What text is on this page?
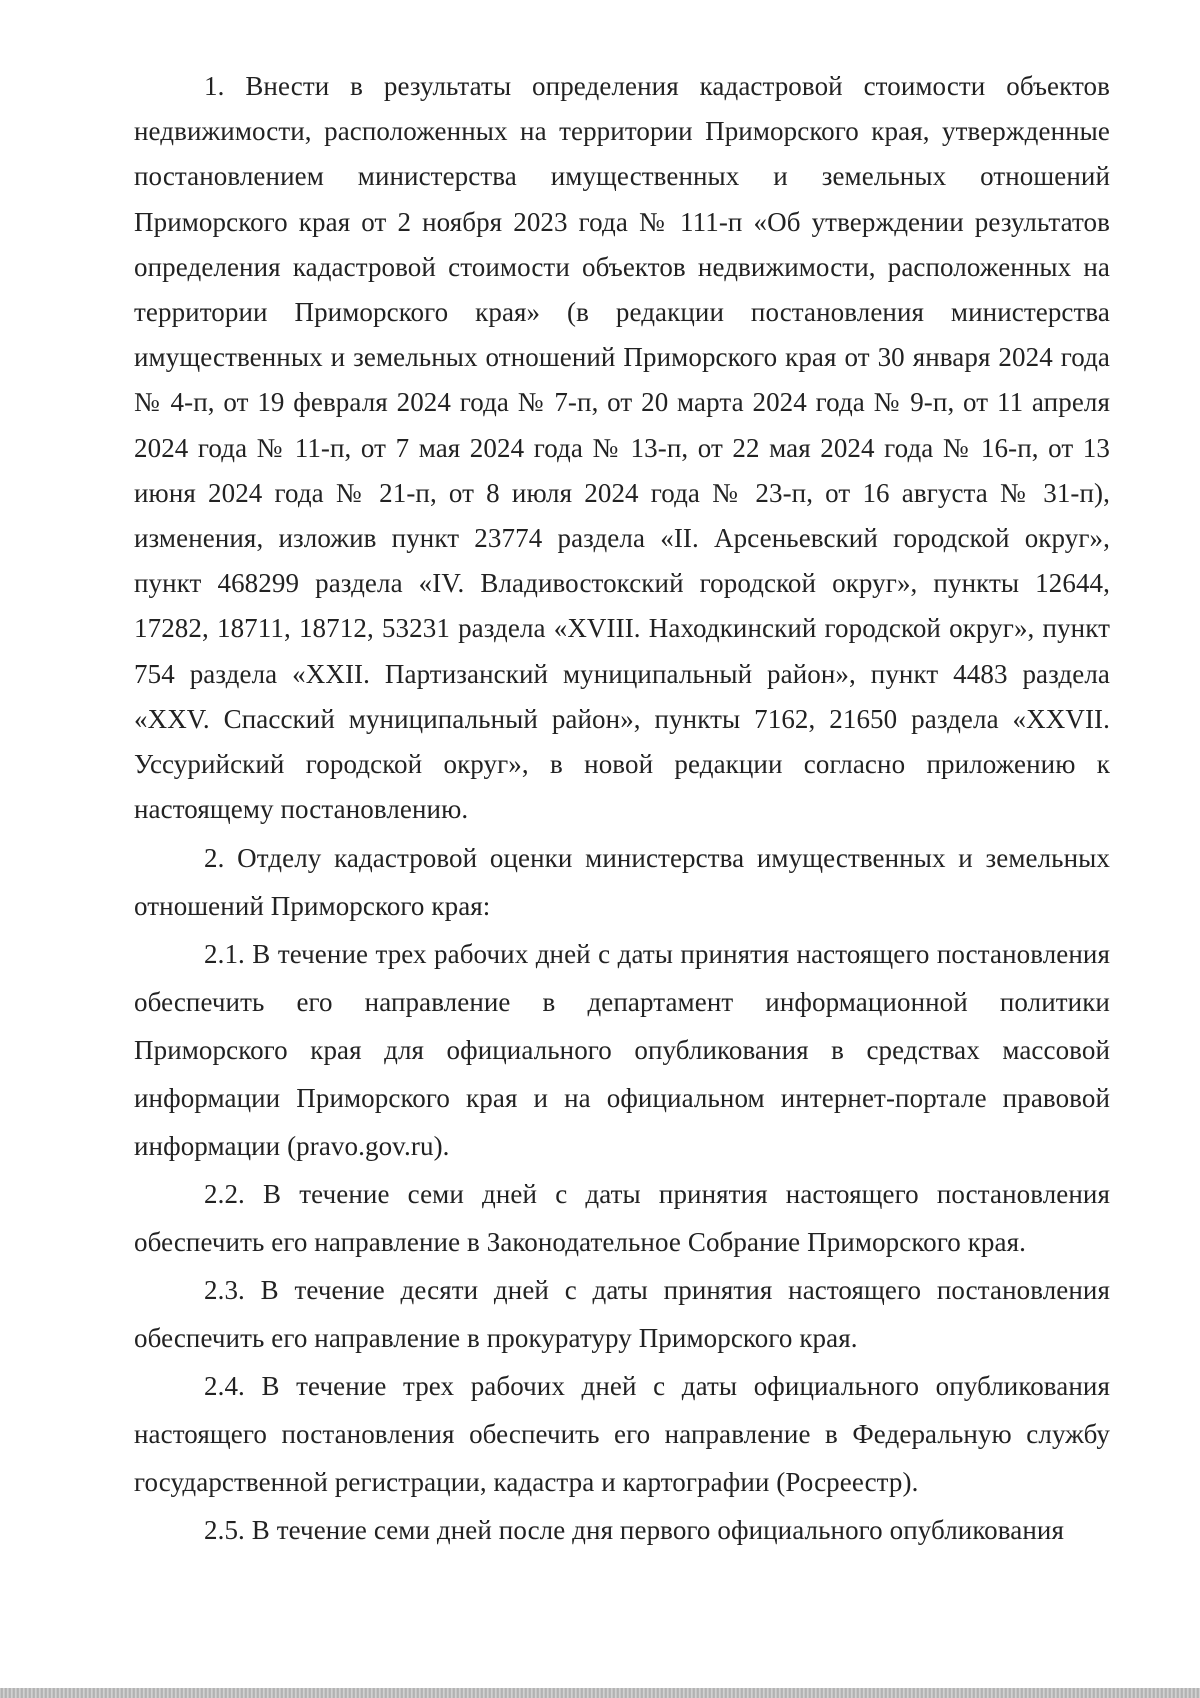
1. Внести в результаты определения кадастровой стоимости объектов недвижимости, расположенных на территории Приморского края, утвержденные постановлением министерства имущественных и земельных отношений Приморского края от 2 ноября 2023 года № 111-п «Об утверждении результатов определения кадастровой стоимости объектов недвижимости, расположенных на территории Приморского края» (в редакции постановления министерства имущественных и земельных отношений Приморского края от 30 января 2024 года № 4-п, от 19 февраля 2024 года № 7-п, от 20 марта 2024 года № 9-п, от 11 апреля 2024 года № 11-п, от 7 мая 2024 года № 13-п, от 22 мая 2024 года № 16-п, от 13 июня 2024 года № 21-п, от 8 июля 2024 года № 23-п, от 16 августа № 31-п), изменения, изложив пункт 23774 раздела «II. Арсеньевский городской округ», пункт 468299 раздела «IV. Владивостокский городской округ», пункты 12644, 17282, 18711, 18712, 53231 раздела «XVIII. Находкинский городской округ», пункт 754 раздела «XXII. Партизанский муниципальный район», пункт 4483 раздела «XXV. Спасский муниципальный район», пункты 7162, 21650 раздела «XXVII. Уссурийский городской округ», в новой редакции согласно приложению к настоящему постановлению.

2. Отделу кадастровой оценки министерства имущественных и земельных отношений Приморского края:

2.1. В течение трех рабочих дней с даты принятия настоящего постановления обеспечить его направление в департамент информационной политики Приморского края для официального опубликования в средствах массовой информации Приморского края и на официальном интернет-портале правовой информации (pravo.gov.ru).

2.2. В течение семи дней с даты принятия настоящего постановления обеспечить его направление в Законодательное Собрание Приморского края.

2.3. В течение десяти дней с даты принятия настоящего постановления обеспечить его направление в прокуратуру Приморского края.

2.4. В течение трех рабочих дней с даты официального опубликования настоящего постановления обеспечить его направление в Федеральную службу государственной регистрации, кадастра и картографии (Росреестр).

2.5. В течение семи дней после дня первого официального опубликования
